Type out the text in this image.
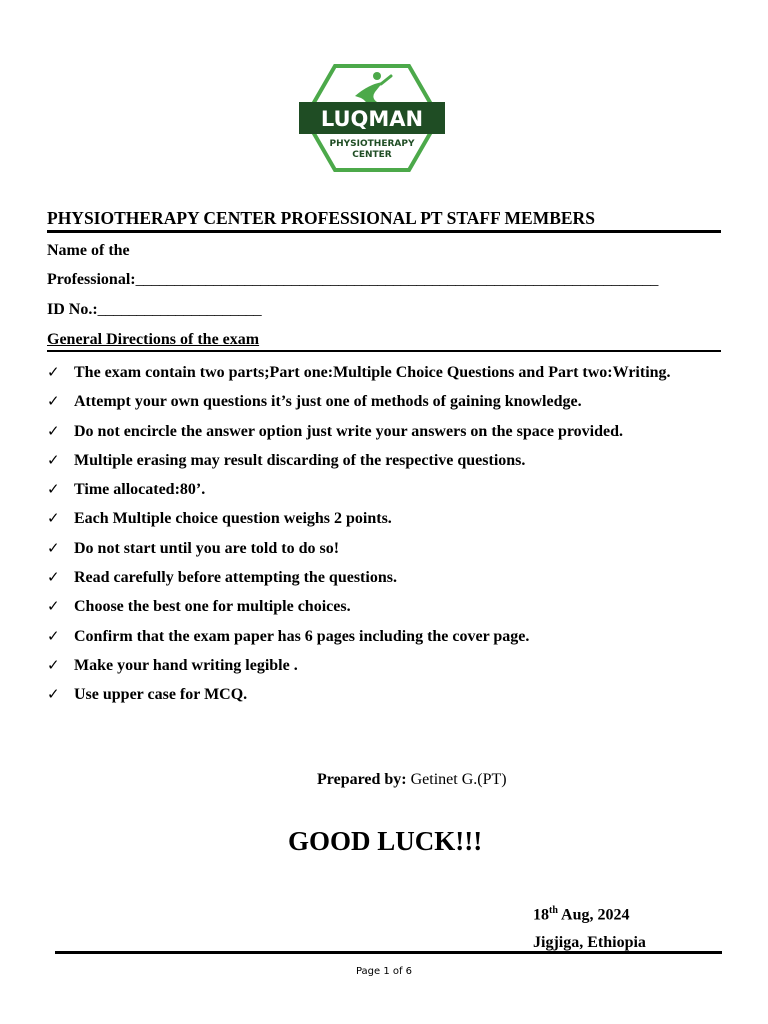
LUQMAN
PHYSIOTHERAPY
CENTER
PHYSIOTHERAPY CENTER PROFESSIONAL PT STAFF MEMBERS
Name of the
Professional:___________________________________________________________________
ID No.:_____________________
General Directions of the exam
✓ The exam contain two parts;Part one:Multiple Choice Questions and Part two:Writing.
✓ Attempt your own questions it’s just one of methods of gaining knowledge.
✓ Do not encircle the answer option just write your answers on the space provided.
✓ Multiple erasing may result discarding of the respective questions.
✓ Time allocated:80’.
✓ Each Multiple choice question weighs 2 points.
✓ Do not start until you are told to do so!
✓ Read carefully before attempting the questions.
✓ Choose the best one for multiple choices.
✓ Confirm that the exam paper has 6 pages including the cover page.
✓ Make your hand writing legible .
✓ Use upper case for MCQ.
Prepared by: Getinet G.(PT)
GOOD LUCK!!!
18th Aug, 2024
Jigjiga, Ethiopia
Page 1 of 6
